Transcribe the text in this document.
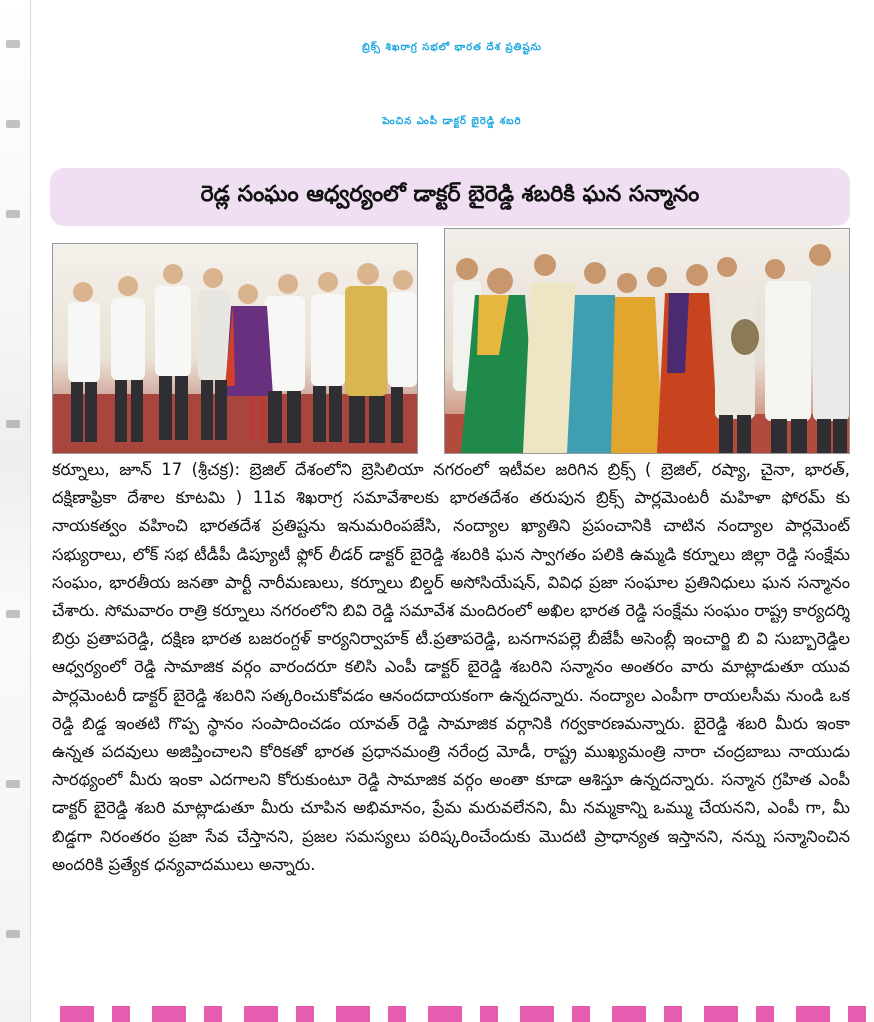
బ్రిక్స్ శిఖరాగ్ర సభలో భారత దేశ ప్రతిష్టను
పెంచిన ఎంపీ డాక్టర్ బైరెడ్డి శబరి
రెడ్ల సంఘం ఆధ్వర్యంలో డాక్టర్ బైరెడ్డి శబరికి ఘన సన్మానం
కర్నూలు, జూన్ 17 (శ్రీచక్ర): బ్రెజిల్ దేశంలోని బ్రెసిలియా నగరంలో ఇటీవల జరిగిన బ్రిక్స్ ( బ్రెజిల్, రష్యా, చైనా, భారత్, దక్షిణాఫ్రికా దేశాల కూటమి ) 11వ శిఖరాగ్ర సమావేశాలకు భారతదేశం తరుపున బ్రిక్స్ పార్లమెంటరీ మహిళా ఫోరమ్ కు నాయకత్వం వహించి భారతదేశ ప్రతిష్టను ఇనుమరింపజేసి, నంద్యాల ఖ్యాతిని ప్రపంచానికి చాటిన నంద్యాల పార్లమెంట్ సభ్యురాలు, లోక్ సభ టీడీపీ డిప్యూటీ ఫ్లోర్ లీడర్ డాక్టర్ బైరెడ్డి శబరికి ఘన స్వాగతం పలికి ఉమ్మడి కర్నూలు జిల్లా రెడ్డి సంక్షేమ సంఘం, భారతీయ జనతా పార్టీ నారీమణులు, కర్నూలు బిల్డర్ అసోసియేషన్, వివిధ ప్రజా సంఘాల ప్రతినిధులు ఘన సన్మానం చేశారు. సోమవారం రాత్రి కర్నూలు నగరంలోని బివి రెడ్డి సమావేశ మందిరంలో అఖిల భారత రెడ్డి సంక్షేమ సంఘం రాష్ట్ర కార్యదర్శి బిర్రు ప్రతాపరెడ్డి, దక్షిణ భారత బజరంగ్దళ్ కార్యనిర్వాహక్ టీ.ప్రతాపరెడ్డి, బనగానపల్లె బీజేపీ అసెంబ్లీ ఇంచార్జి బి వి సుబ్బారెడ్డిల ఆధ్వర్యంలో రెడ్డి సామాజిక వర్గం వారందరూ కలిసి ఎంపీ డాక్టర్ బైరెడ్డి శబరిని సన్మానం అంతరం వారు మాట్లాడుతూ యువ పార్లమెంటరీ డాక్టర్ బైరెడ్డి శబరిని సత్కరించుకోవడం ఆనందదాయకంగా ఉన్నదన్నారు. నంద్యాల ఎంపీగా రాయలసీమ నుండి ఒక రెడ్డి బిడ్డ ఇంతటి గొప్ప స్థానం సంపాదించడం యావత్ రెడ్డి సామాజిక వర్గానికి గర్వకారణమన్నారు. బైరెడ్డి శబరి మీరు ఇంకా ఉన్నత పదవులు అజిప్తించాలని కోరికతో భారత ప్రధానమంత్రి నరేంద్ర మోడీ, రాష్ట్ర ముఖ్యమంత్రి నారా చంద్రబాబు నాయుడు సారథ్యంలో మీరు ఇంకా ఎదగాలని కోరుకుంటూ రెడ్డి సామాజిక వర్గం అంతా కూడా ఆశిస్తూ ఉన్నదన్నారు. సన్మాన గ్రహిత ఎంపీ డాక్టర్ బైరెడ్డి శబరి మాట్లాడుతూ మీరు చూపిన అభిమానం, ప్రేమ మరువలేనని, మీ నమ్మకాన్ని ఒమ్ము చేయనని, ఎంపీ గా, మీ బిడ్డగా నిరంతరం ప్రజా సేవ చేస్తానని, ప్రజల సమస్యలు పరిష్కరించేందుకు మొదటి ప్రాధాన్యత ఇస్తానని, నన్ను సన్మానించిన అందరికి ప్రత్యేక ధన్యవాదములు అన్నారు.
